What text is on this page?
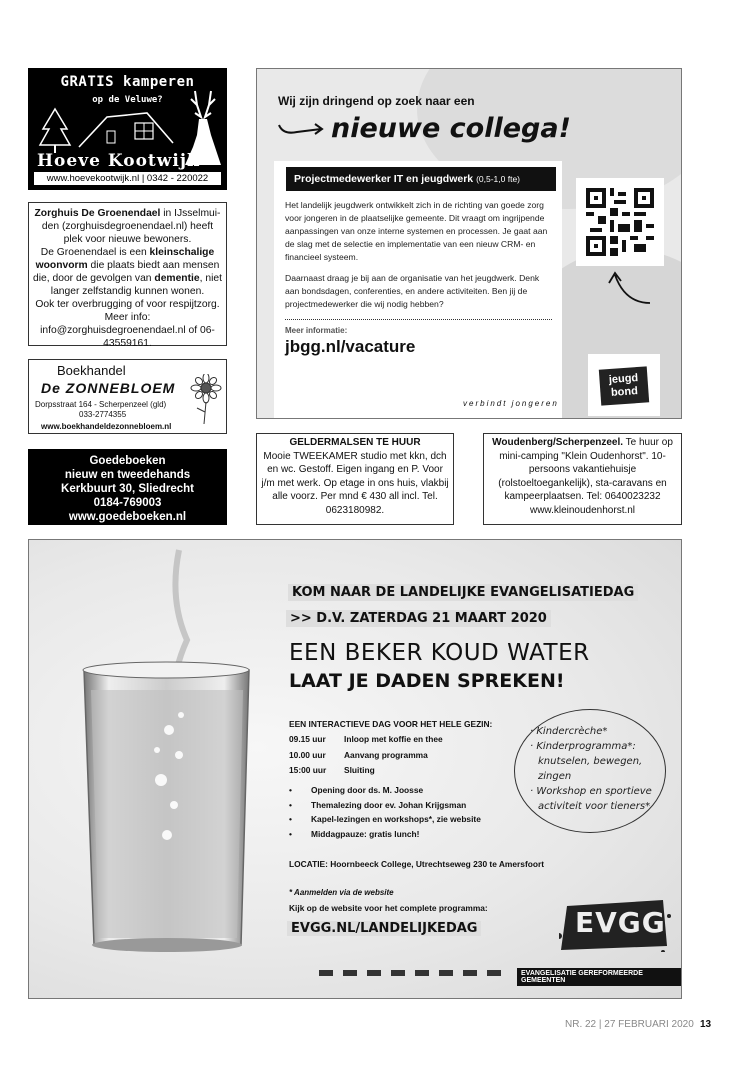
GRATIS kamperen
op de Veluwe?
Hoeve Kootwijk
www.hoevekootwijk.nl | 0342 - 220022
Zorghuis De Groenendael in IJsselmui-den (zorghuisdegroenendael.nl) heeft plek voor nieuwe bewoners.
De Groenendael is een kleinschalige woonvorm die plaats biedt aan mensen die, door de gevolgen van dementie, niet langer zelfstandig kunnen wonen.
Ook ter overbrugging of voor respijtzorg.
Meer info: info@zorghuisdegroenendael.nl of 06-43559161.
Boekhandel
De ZONNEBLOEM
Dorpsstraat 164 - Scherpenzeel (gld)
033-2774355
www.boekhandeldezonnebloem.nl
Goedeboeken
nieuw en tweedehands
Kerkbuurt 30, Sliedrecht
0184-769003
www.goedeboeken.nl
Wij zijn dringend op zoek naar een
nieuwe collega!
Projectmedewerker IT en jeugdwerk (0,5-1,0 fte)

Het landelijk jeugdwerk ontwikkelt zich in de richting van goede zorg voor jongeren in de plaatselijke gemeente. Dit vraagt om ingrijpende aanpassingen van onze interne systemen en processen. Je gaat aan de slag met de selectie en implementatie van een nieuw CRM- en financieel systeem.

Daarnaast draag je bij aan de organisatie van het jeugdwerk. Denk aan bondsdagen, conferenties, en andere activiteiten. Ben jij de projectmedewerker die wij nodig hebben?

Meer informatie:
jbgg.nl/vacature
verbindt jongeren
jeugd
bond
GELDERMALSEN TE HUUR
Mooie TWEEKAMER studio met kkn, dch en wc. Gestoff. Eigen ingang en P. Voor j/m met werk. Op etage in ons huis, vlakbij alle voorz. Per mnd € 430 all incl. Tel. 0623180982.
Woudenberg/Scherpenzeel. Te huur op mini-camping "Klein Oudenhorst". 10-persoons vakantiehuisje (rolstoeltoegankelijk), sta-caravans en kampeerplaatsen. Tel: 0640023232 www.kleinoudenhorst.nl
KOM NAAR DE LANDELIJKE EVANGELISATIEDAG
>> D.V. ZATERDAG 21 MAART 2020
EEN BEKER KOUD WATER
LAAT JE DADEN SPREKEN!
EEN INTERACTIEVE DAG VOOR HET HELE GEZIN:
09.15 uur Inloop met koffie en thee
10.00 uur Aanvang programma
15:00 uur Sluiting
• Opening door ds. M. Joosse
• Themalezing door ev. Johan Krijgsman
• Kapel-lezingen en workshops*, zie website
• Middagpauze: gratis lunch!
LOCATIE: Hoornbeeck College, Utrechtseweg 230 te Amersfoort
* Aanmelden via de website
Kijk op de website voor het complete programma:
EVGG.NL/LANDELIJKEDAG
· Kindercrèche*
· Kinderprogramma*:
knutselen, bewegen,
zingen
· Workshop en sportieve
activiteit voor tieners*
EVGG
EVANGELISATIE GEREFORMEERDE GEMEENTEN
NR. 22 | 27 FEBRUARI 2020 13
